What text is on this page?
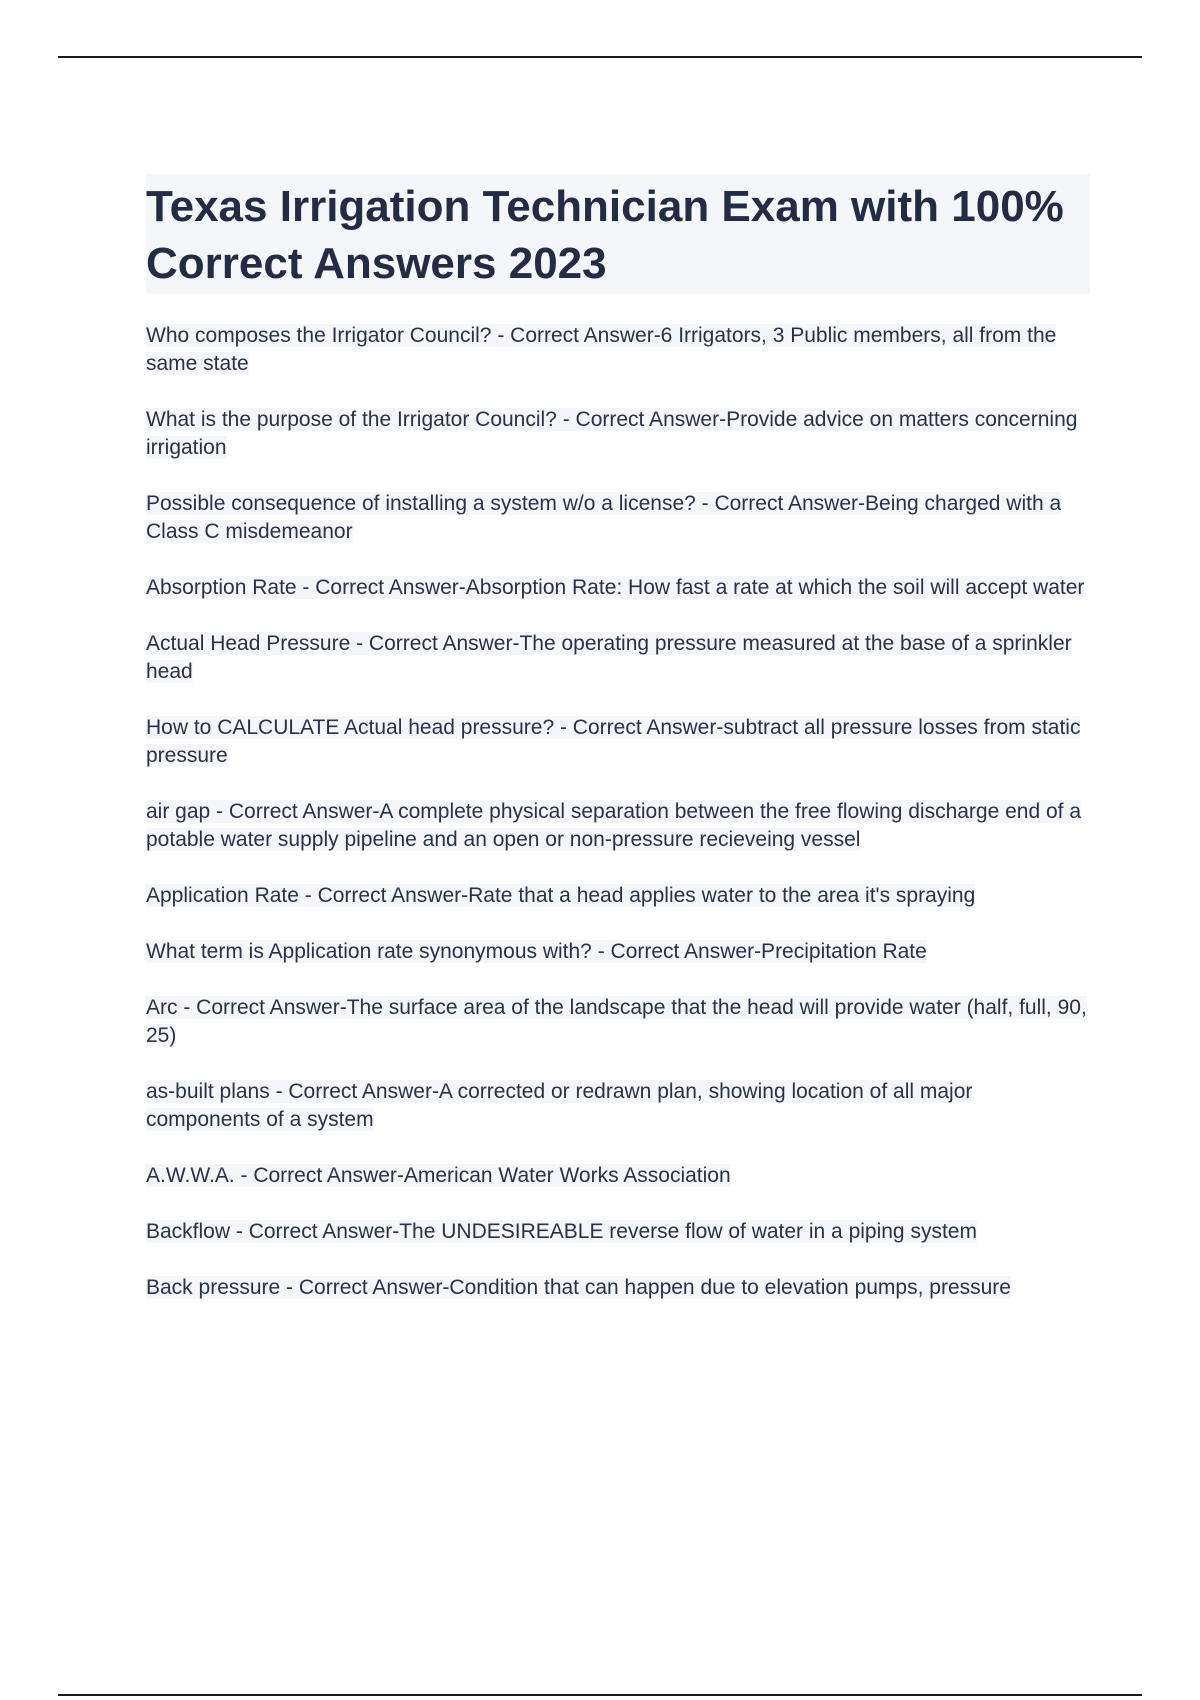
Texas Irrigation Technician Exam with 100% Correct Answers 2023

Who composes the Irrigator Council? - Correct Answer-6 Irrigators, 3 Public members, all from the same state

What is the purpose of the Irrigator Council? - Correct Answer-Provide advice on matters concerning irrigation

Possible consequence of installing a system w/o a license? - Correct Answer-Being charged with a Class C misdemeanor

Absorption Rate - Correct Answer-Absorption Rate: How fast a rate at which the soil will accept water

Actual Head Pressure - Correct Answer-The operating pressure measured at the base of a sprinkler head

How to CALCULATE Actual head pressure? - Correct Answer-subtract all pressure losses from static pressure

air gap - Correct Answer-A complete physical separation between the free flowing discharge end of a potable water supply pipeline and an open or non-pressure recieveing vessel

Application Rate - Correct Answer-Rate that a head applies water to the area it's spraying

What term is Application rate synonymous with? - Correct Answer-Precipitation Rate

Arc - Correct Answer-The surface area of the landscape that the head will provide water (half, full, 90, 25)

as-built plans - Correct Answer-A corrected or redrawn plan, showing location of all major components of a system

A.W.W.A. - Correct Answer-American Water Works Association

Backflow - Correct Answer-The UNDESIREABLE reverse flow of water in a piping system

Back pressure - Correct Answer-Condition that can happen due to elevation pumps, pressure
